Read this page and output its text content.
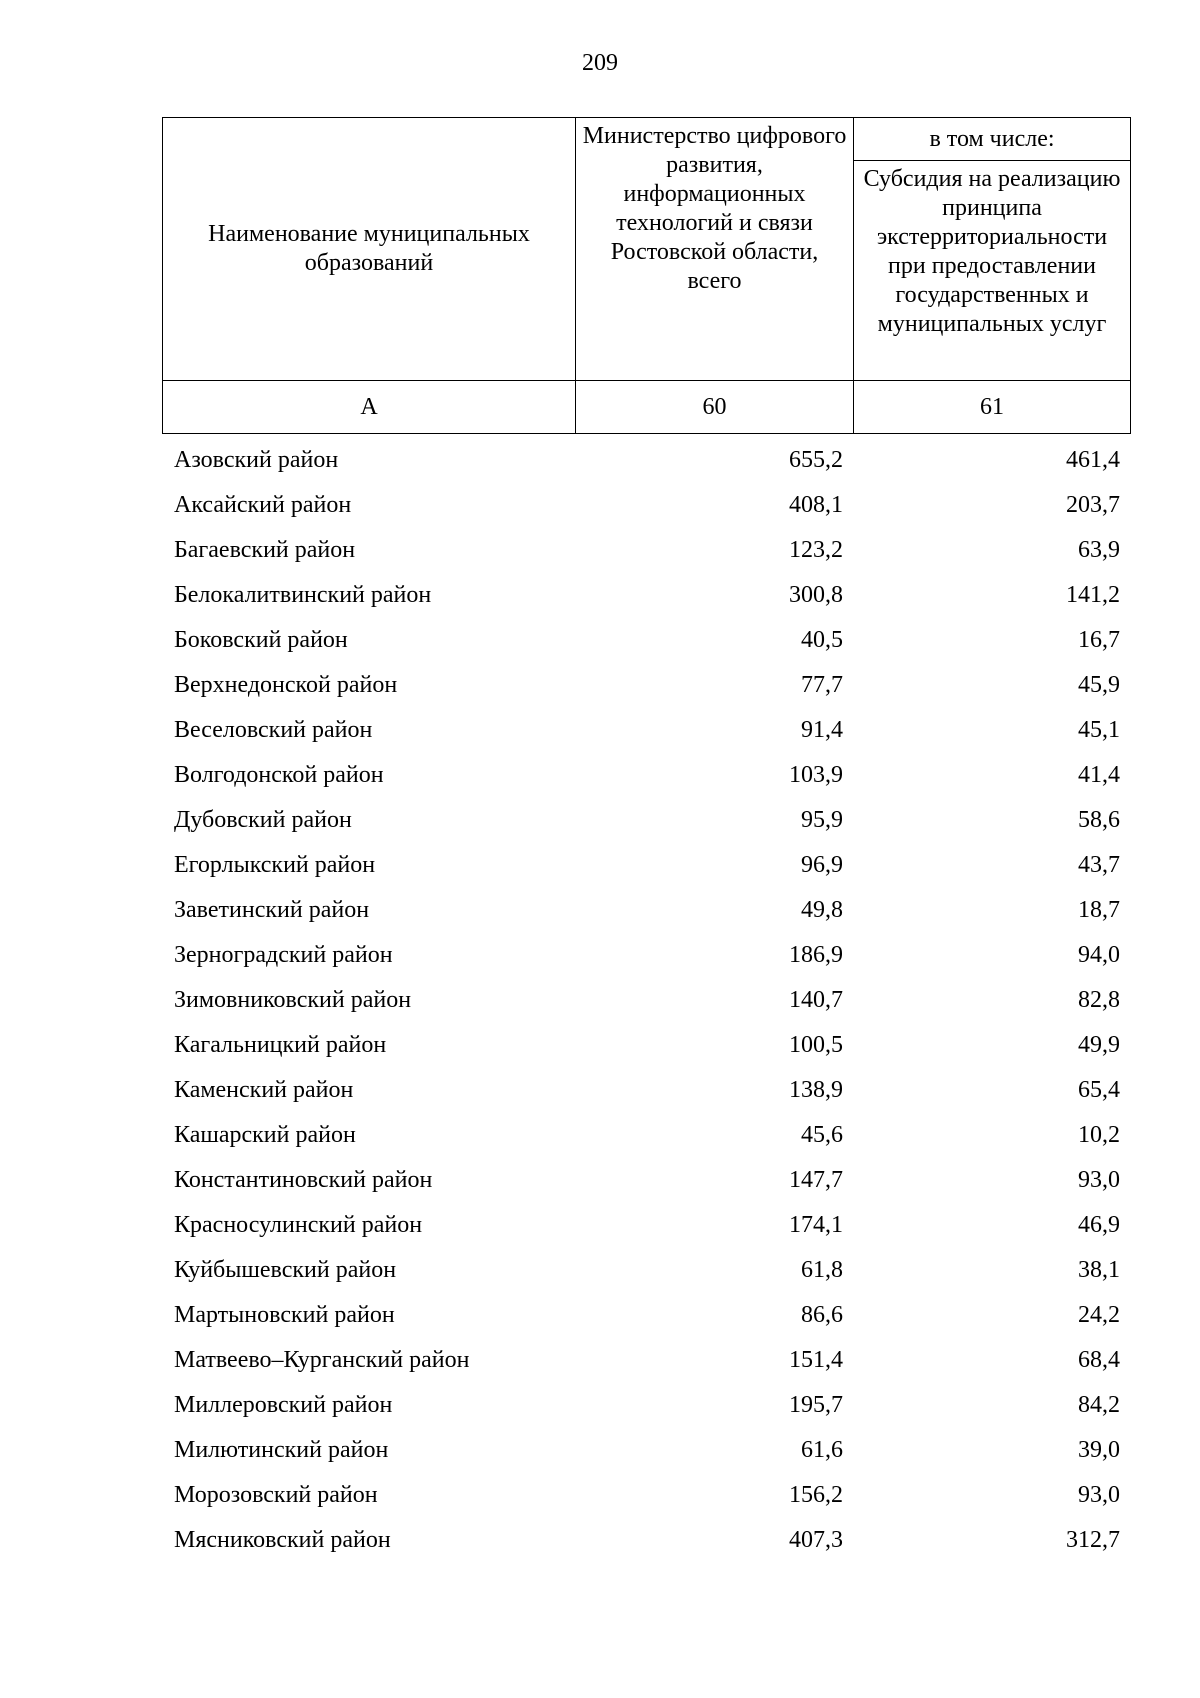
209
Наименование муниципальных образований	Министерство цифрового развития, информационных технологий и связи Ростовской области, всего	в том числе:
		Субсидия на реализацию принципа экстерриториальности при предоставлении государственных и муниципальных услуг
А	60	61
Азовский район	655,2	461,4
Аксайский район	408,1	203,7
Багаевский район	123,2	63,9
Белокалитвинский район	300,8	141,2
Боковский район	40,5	16,7
Верхнедонской район	77,7	45,9
Веселовский район	91,4	45,1
Волгодонской район	103,9	41,4
Дубовский район	95,9	58,6
Егорлыкский район	96,9	43,7
Заветинский район	49,8	18,7
Зерноградский район	186,9	94,0
Зимовниковский район	140,7	82,8
Кагальницкий район	100,5	49,9
Каменский район	138,9	65,4
Кашарский район	45,6	10,2
Константиновский район	147,7	93,0
Красносулинский район	174,1	46,9
Куйбышевский район	61,8	38,1
Мартыновский район	86,6	24,2
Матвеево–Курганский район	151,4	68,4
Миллеровский район	195,7	84,2
Милютинский район	61,6	39,0
Морозовский район	156,2	93,0
Мясниковский район	407,3	312,7
